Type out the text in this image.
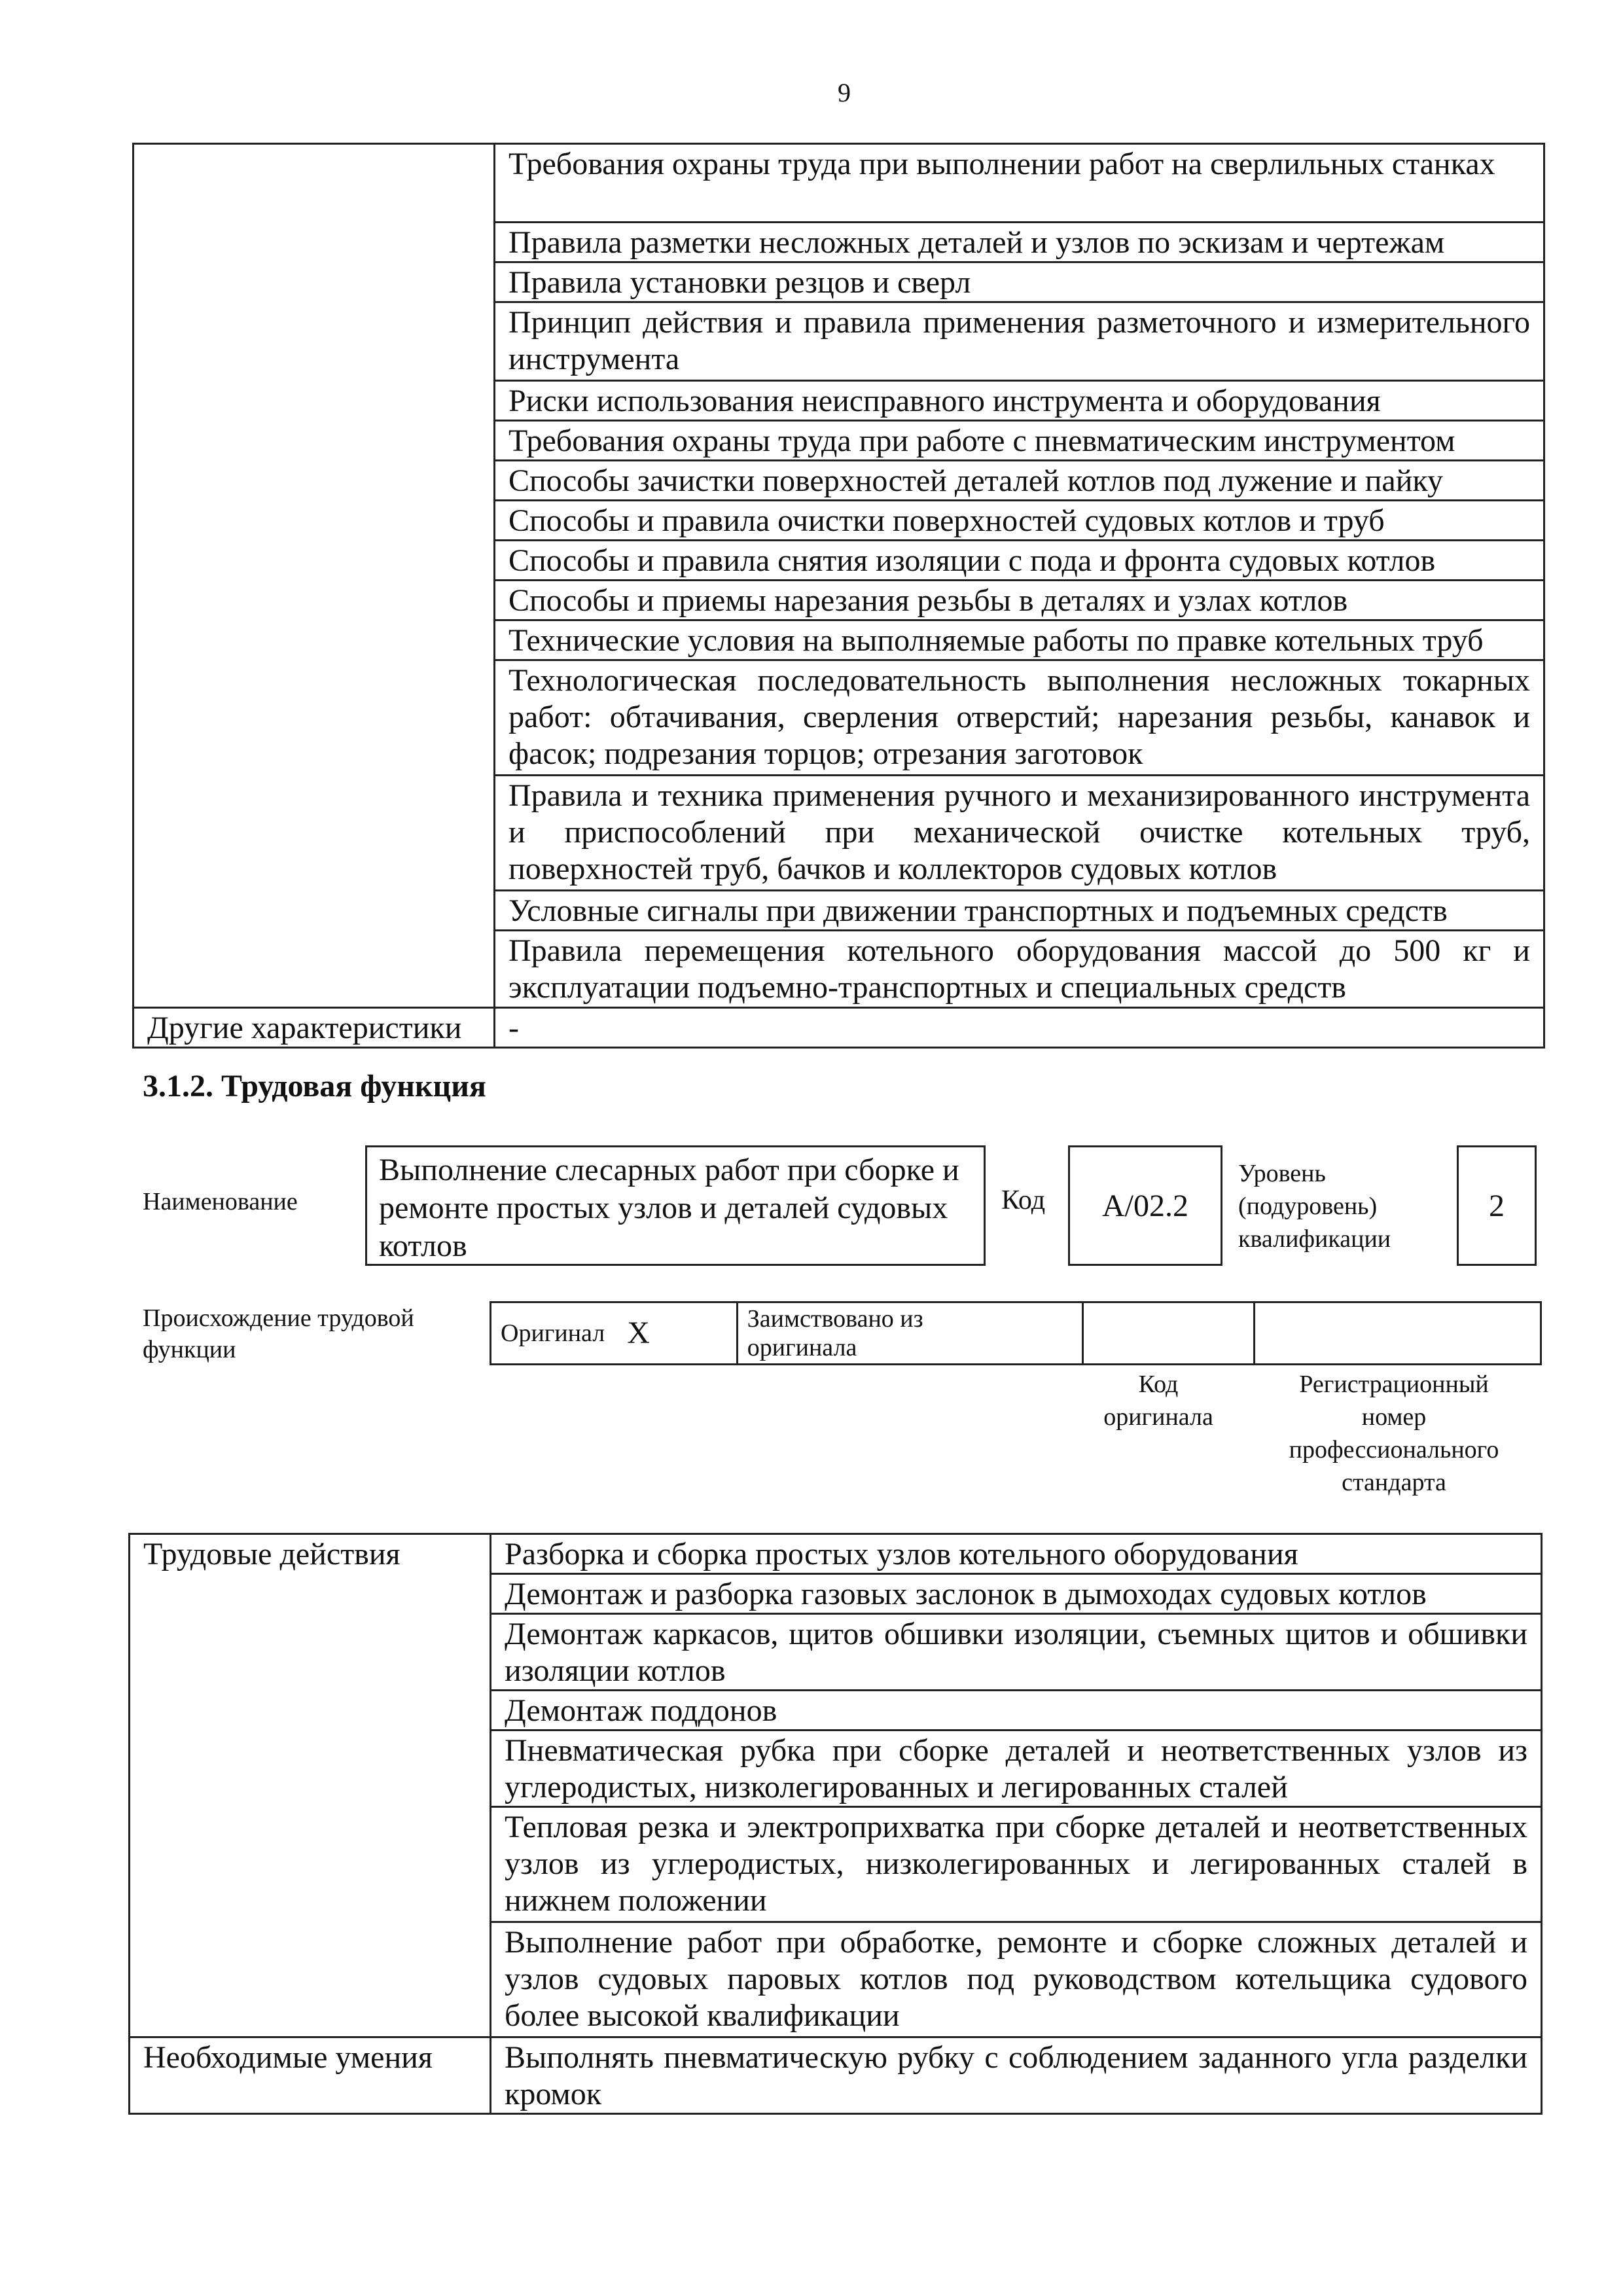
9
	Требования охраны труда при выполнении работ на сверлильных станках
	Правила разметки несложных деталей и узлов по эскизам и чертежам
	Правила установки резцов и сверл
	Принцип действия и правила применения разметочного и измерительного инструмента
	Риски использования неисправного инструмента и оборудования
	Требования охраны труда при работе с пневматическим инструментом
	Способы зачистки поверхностей деталей котлов под лужение и пайку
	Способы и правила очистки поверхностей судовых котлов и труб
	Способы и правила снятия изоляции с пода и фронта судовых котлов
	Способы и приемы нарезания резьбы в деталях и узлах котлов
	Технические условия на выполняемые работы по правке котельных труб
	Технологическая последовательность выполнения несложных токарных работ: обтачивания, сверления отверстий; нарезания резьбы, канавок и фасок; подрезания торцов; отрезания заготовок
	Правила и техника применения ручного и механизированного инструмента и приспособлений при механической очистке котельных труб, поверхностей труб, бачков и коллекторов судовых котлов
	Условные сигналы при движении транспортных и подъемных средств
	Правила перемещения котельного оборудования массой до 500 кг и эксплуатации подъемно-транспортных и специальных средств
Другие характеристики	-
3.1.2. Трудовая функция
Наименование
Выполнение слесарных работ при сборке и ремонте простых узлов и деталей судовых котлов
Код A/02.2
Уровень
(подуровень)
квалификации
2
Происхождение трудовой
функции
Оригинал	X	Заимствовано из
оригинала

Код
оригинала
Регистрационный
номер
профессионального
стандарта
Трудовые действия	Разборка и сборка простых узлов котельного оборудования
	Демонтаж и разборка газовых заслонок в дымоходах судовых котлов
	Демонтаж каркасов, щитов обшивки изоляции, съемных щитов и обшивки изоляции котлов
	Демонтаж поддонов
	Пневматическая рубка при сборке деталей и неответственных узлов из углеродистых, низколегированных и легированных сталей
	Тепловая резка и электроприхватка при сборке деталей и неответственных узлов из углеродистых, низколегированных и легированных сталей в нижнем положении
	Выполнение работ при обработке, ремонте и сборке сложных деталей и узлов судовых паровых котлов под руководством котельщика судового более высокой квалификации
Необходимые умения	Выполнять пневматическую рубку с соблюдением заданного угла разделки кромок
